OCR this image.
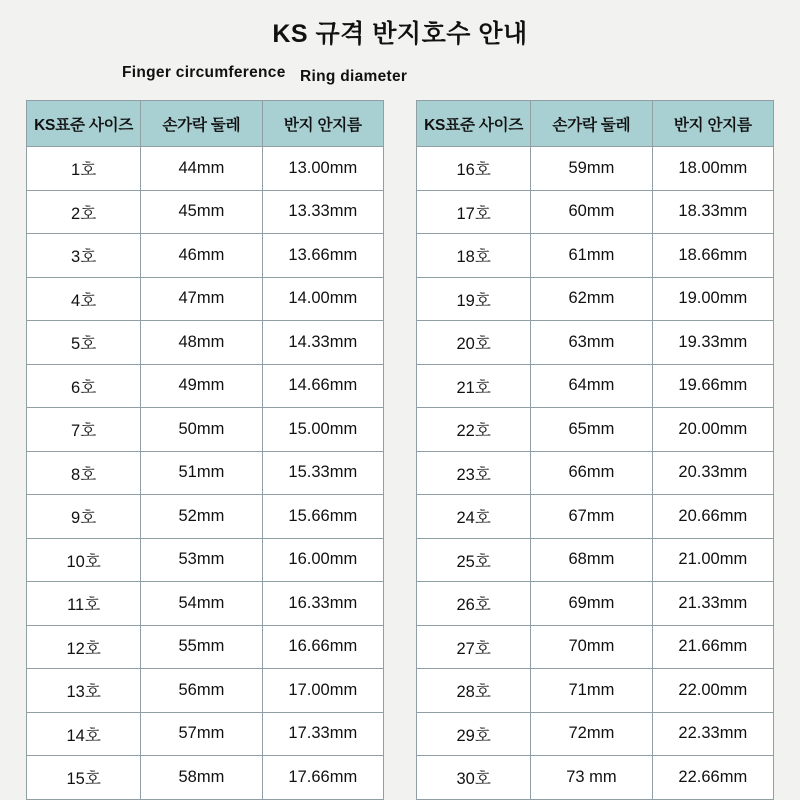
KS 규격 반지호수 안내
Finger circumference Ring diameter
KS표준 사이즈	손가락 둘레	반지 안지름
1호	44mm	13.00mm
2호	45mm	13.33mm
3호	46mm	13.66mm
4호	47mm	14.00mm
5호	48mm	14.33mm
6호	49mm	14.66mm
7호	50mm	15.00mm
8호	51mm	15.33mm
9호	52mm	15.66mm
10호	53mm	16.00mm
11호	54mm	16.33mm
12호	55mm	16.66mm
13호	56mm	17.00mm
14호	57mm	17.33mm
15호	58mm	17.66mm
KS표준 사이즈	손가락 둘레	반지 안지름
16호	59mm	18.00mm
17호	60mm	18.33mm
18호	61mm	18.66mm
19호	62mm	19.00mm
20호	63mm	19.33mm
21호	64mm	19.66mm
22호	65mm	20.00mm
23호	66mm	20.33mm
24호	67mm	20.66mm
25호	68mm	21.00mm
26호	69mm	21.33mm
27호	70mm	21.66mm
28호	71mm	22.00mm
29호	72mm	22.33mm
30호	73 mm	22.66mm
